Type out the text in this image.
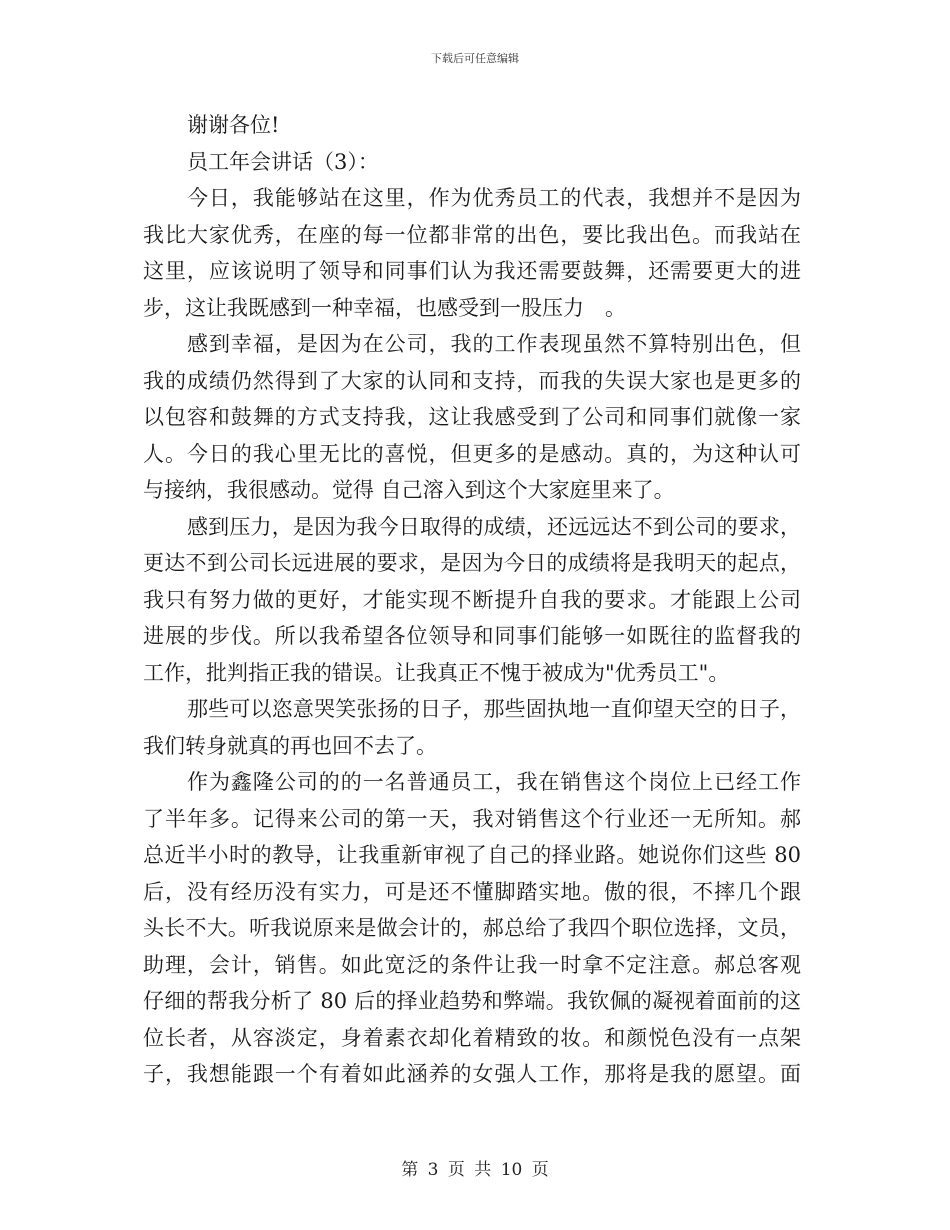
下载后可任意编辑
谢谢各位!
员工年会讲话（3）：
今日，我能够站在这里，作为优秀员工的代表，我想并不是因为
我比大家优秀，在座的每一位都非常的出色，要比我出色。而我站在
这里，应该说明了领导和同事们认为我还需要鼓舞，还需要更大的进
步，这让我既感到一种幸福，也感受到一股压力　。
感到幸福，是因为在公司，我的工作表现虽然不算特别出色，但
我的成绩仍然得到了大家的认同和支持，而我的失误大家也是更多的
以包容和鼓舞的方式支持我，这让我感受到了公司和同事们就像一家
人。今日的我心里无比的喜悦，但更多的是感动。真的，为这种认可
与接纳，我很感动。觉得 自己溶入到这个大家庭里来了。
感到压力，是因为我今日取得的成绩，还远远达不到公司的要求，
更达不到公司长远进展的要求，是因为今日的成绩将是我明天的起点，
我只有努力做的更好，才能实现不断提升自我的要求。才能跟上公司
进展的步伐。所以我希望各位领导和同事们能够一如既往的监督我的
工作，批判指正我的错误。让我真正不愧于被成为"优秀员工"。
那些可以恣意哭笑张扬的日子，那些固执地一直仰望天空的日子，
我们转身就真的再也回不去了。
作为鑫隆公司的的一名普通员工，我在销售这个岗位上已经工作
了半年多。记得来公司的第一天，我对销售这个行业还一无所知。郝
总近半小时的教导，让我重新审视了自己的择业路。她说你们这些 80
后，没有经历没有实力，可是还不懂脚踏实地。傲的很，不摔几个跟
头长不大。听我说原来是做会计的，郝总给了我四个职位选择，文员，
助理，会计，销售。如此宽泛的条件让我一时拿不定注意。郝总客观
仔细的帮我分析了 80 后的择业趋势和弊端。我钦佩的凝视着面前的这
位长者，从容淡定，身着素衣却化着精致的妆。和颜悦色没有一点架
子，我想能跟一个有着如此涵养的女强人工作，那将是我的愿望。面
第 3 页 共 10 页
